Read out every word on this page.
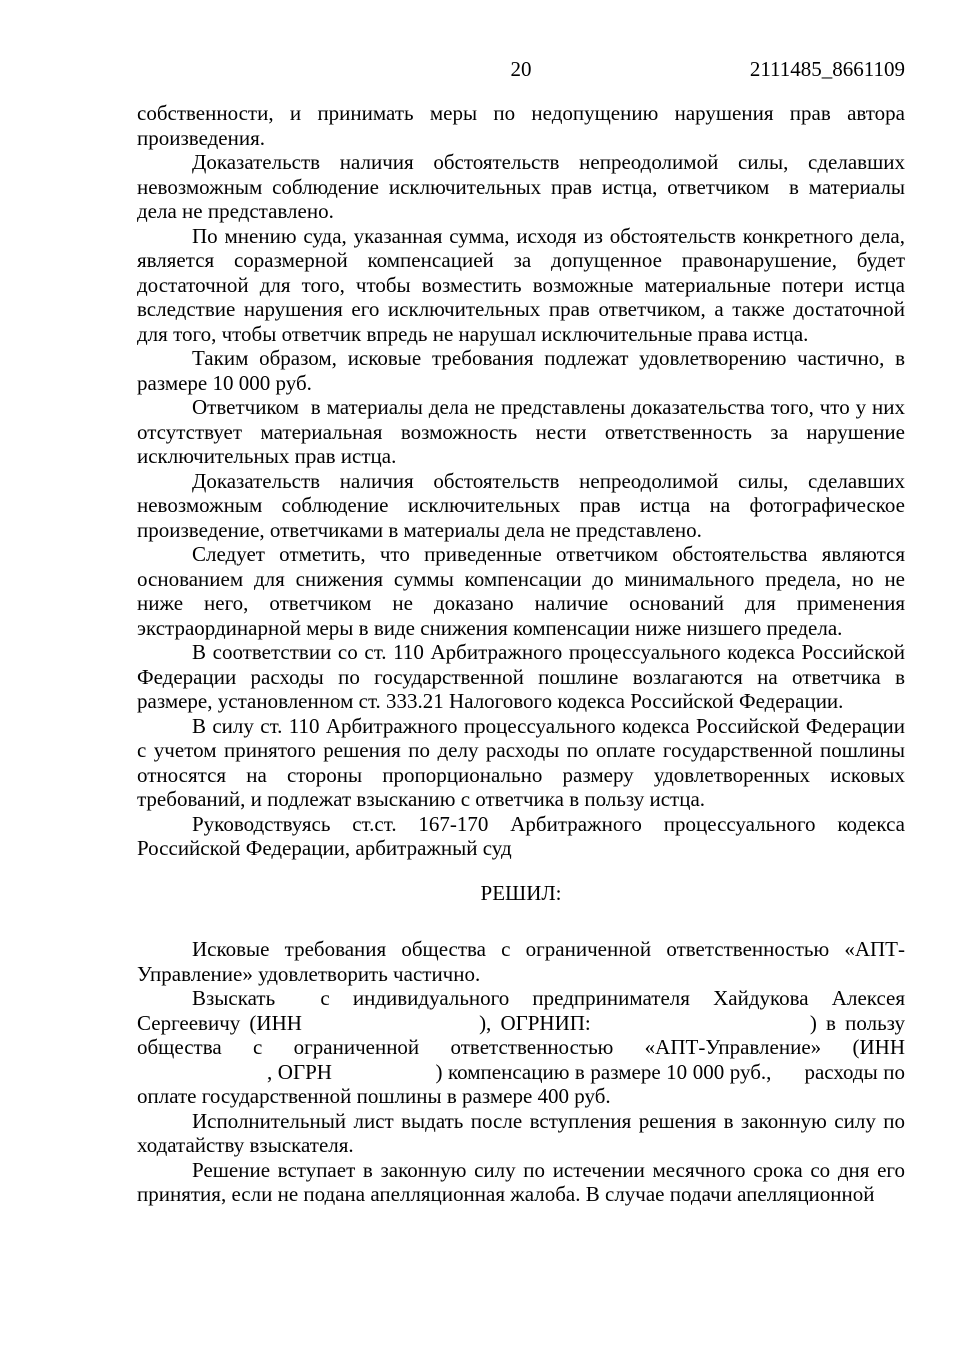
20	2111485_8661109

собственности, и принимать меры по недопущению нарушения прав автора произведения.

Доказательств наличия обстоятельств непреодолимой силы, сделавших невозможным соблюдение исключительных прав истца, ответчиком  в материалы дела не представлено.

По мнению суда, указанная сумма, исходя из обстоятельств конкретного дела, является соразмерной компенсацией за допущенное правонарушение, будет достаточной для того, чтобы возместить возможные материальные потери истца вследствие нарушения его исключительных прав ответчиком, а также достаточной для того, чтобы ответчик впредь не нарушал исключительные права истца.

Таким образом, исковые требования подлежат удовлетворению частично, в размере 10 000 руб.

Ответчиком  в материалы дела не представлены доказательства того, что у них отсутствует материальная возможность нести ответственность за нарушение исключительных прав истца.

Доказательств наличия обстоятельств непреодолимой силы, сделавших невозможным соблюдение исключительных прав истца на фотографическое произведение, ответчиками в материалы дела не представлено.

Следует отметить, что приведенные ответчиком обстоятельства являются основанием для снижения суммы компенсации до минимального предела, но не ниже него, ответчиком не доказано наличие оснований для применения экстраординарной меры в виде снижения компенсации ниже низшего предела.

В соответствии со ст. 110 Арбитражного процессуального кодекса Российской Федерации расходы по государственной пошлине возлагаются на ответчика в размере, установленном ст. 333.21 Налогового кодекса Российской Федерации.

В силу ст. 110 Арбитражного процессуального кодекса Российской Федерации с учетом принятого решения по делу расходы по оплате государственной пошлины относятся на стороны пропорционально размеру удовлетворенных исковых требований, и подлежат взысканию с ответчика в пользу истца.

Руководствуясь ст.ст. 167-170 Арбитражного процессуального кодекса Российской Федерации, арбитражный суд

РЕШИЛ:

Исковые требования общества с ограниченной ответственностью «АПТ-Управление» удовлетворить частично.

Взыскать с индивидуального предпринимателя Хайдукова Алексея Сергеевичу (ИНН	), ОГРНИП:	) в пользу общества с ограниченной ответственностью «АПТ-Управление» (ИНН , ОГРН	) компенсацию в размере 10 000 руб.,  расходы по оплате государственной пошлины в размере 400 руб.

Исполнительный лист выдать после вступления решения в законную силу по ходатайству взыскателя.

Решение вступает в законную силу по истечении месячного срока со дня его принятия, если не подана апелляционная жалоба. В случае подачи апелляционной
